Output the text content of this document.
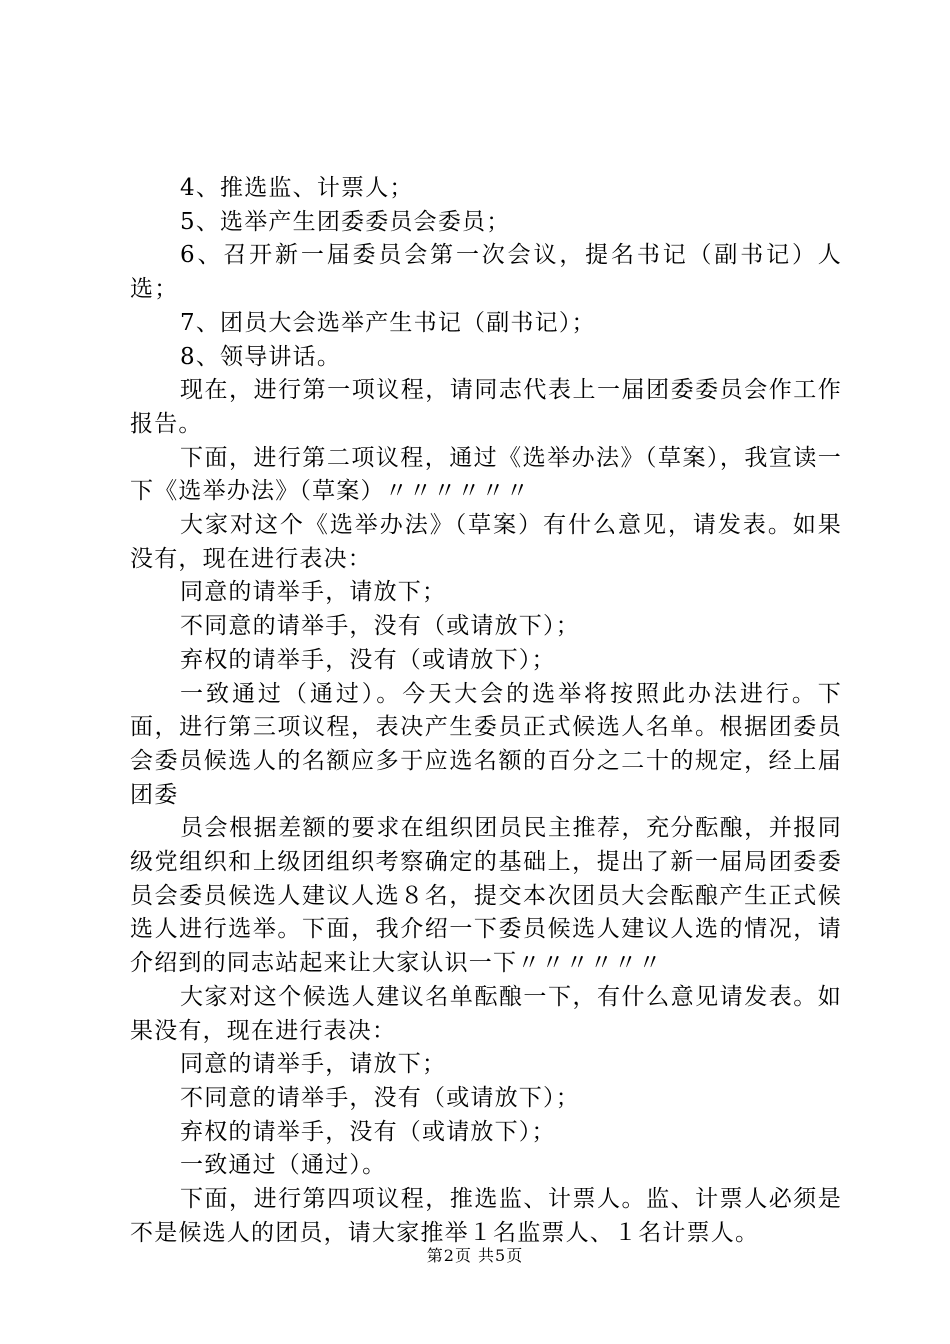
4、推选监、计票人；

5、选举产生团委委员会委员；

6、召开新一届委员会第一次会议，提名书记（副书记）人选；

7、团员大会选举产生书记（副书记）；

8、领导讲话。

现在，进行第一项议程，请同志代表上一届团委委员会作工作报告。

下面，进行第二项议程，通过《选举办法》（草案），我宣读一下《选举办法》（草案）〃〃〃〃〃〃

大家对这个《选举办法》（草案）有什么意见，请发表。如果没有，现在进行表决：

同意的请举手，请放下；

不同意的请举手，没有（或请放下）；

弃权的请举手，没有（或请放下）；

一致通过（通过）。今天大会的选举将按照此办法进行。下面，进行第三项议程，表决产生委员正式候选人名单。根据团委员会委员候选人的名额应多于应选名额的百分之二十的规定，经上届团委

员会根据差额的要求在组织团员民主推荐，充分酝酿，并报同级党组织和上级团组织考察确定的基础上，提出了新一届局团委委员会委员候选人建议人选８名，提交本次团员大会酝酿产生正式候选人进行选举。下面，我介绍一下委员候选人建议人选的情况，请介绍到的同志站起来让大家认识一下〃〃〃〃〃〃

大家对这个候选人建议名单酝酿一下，有什么意见请发表。如果没有，现在进行表决：

同意的请举手，请放下；

不同意的请举手，没有（或请放下）；

弃权的请举手，没有（或请放下）；

一致通过（通过）。

下面，进行第四项议程，推选监、计票人。监、计票人必须是不是候选人的团员，请大家推举１名监票人、１名计票人。

第2页 共5页
